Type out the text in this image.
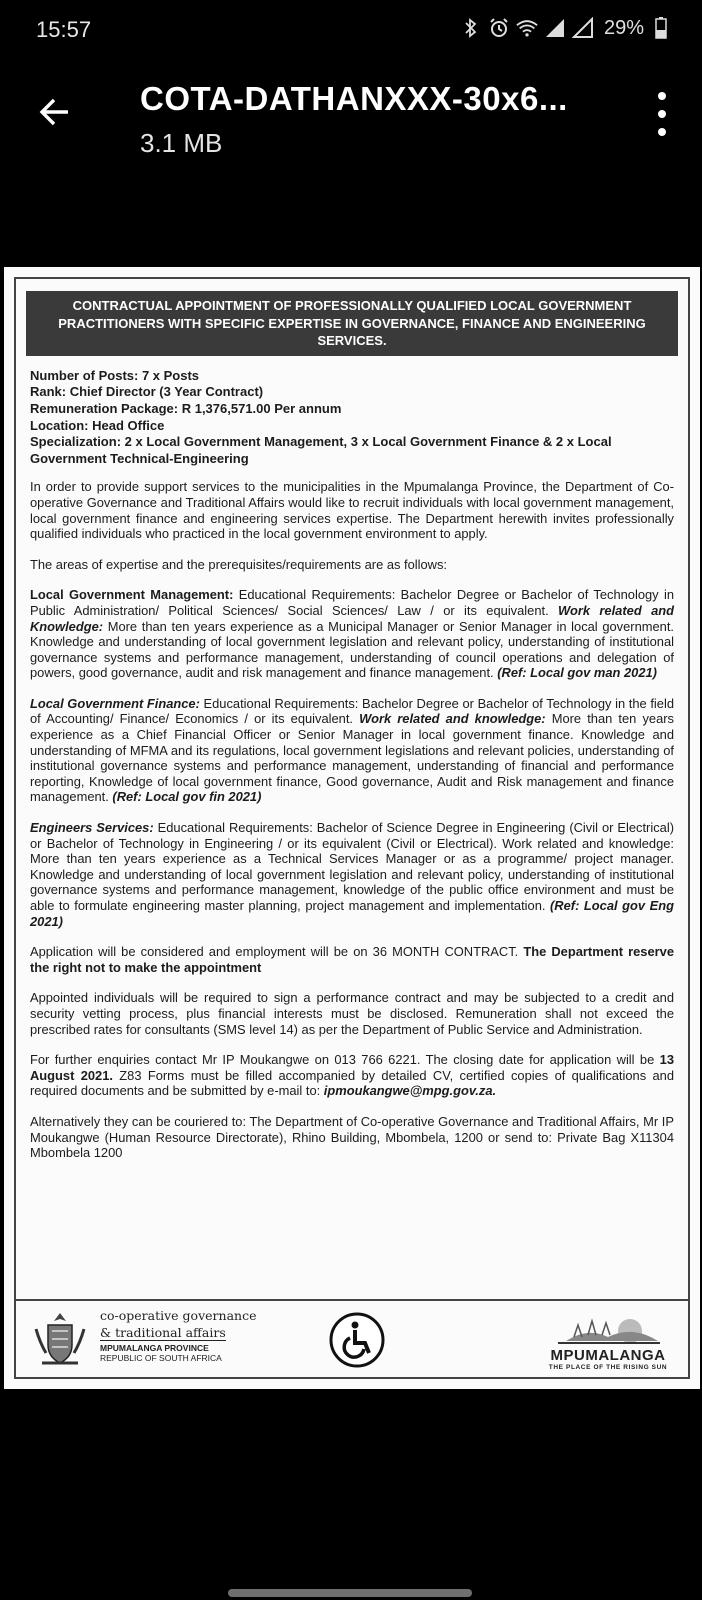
15:57	29%
COTA-DATHANXXX-30x6...
3.1 MB
CONTRACTUAL APPOINTMENT OF PROFESSIONALLY QUALIFIED LOCAL GOVERNMENT PRACTITIONERS WITH SPECIFIC EXPERTISE IN GOVERNANCE, FINANCE AND ENGINEERING SERVICES.
Number of Posts: 7 x Posts
Rank: Chief Director (3 Year Contract)
Remuneration Package: R 1,376,571.00 Per annum
Location: Head Office
Specialization: 2 x Local Government Management, 3 x Local Government Finance & 2 x Local Government Technical-Engineering

In order to provide support services to the municipalities in the Mpumalanga Province, the Department of Co-operative Governance and Traditional Affairs would like to recruit individuals with local government management, local government finance and engineering services expertise. The Department herewith invites professionally qualified individuals who practiced in the local government environment to apply.

The areas of expertise and the prerequisites/requirements are as follows:

Local Government Management: Educational Requirements: Bachelor Degree or Bachelor of Technology in Public Administration/ Political Sciences/ Social Sciences/ Law / or its equivalent. Work related and Knowledge: More than ten years experience as a Municipal Manager or Senior Manager in local government. Knowledge and understanding of local government legislation and relevant policy, understanding of institutional governance systems and performance management, understanding of council operations and delegation of powers, good governance, audit and risk management and finance management. (Ref: Local gov man 2021)

Local Government Finance: Educational Requirements: Bachelor Degree or Bachelor of Technology in the field of Accounting/ Finance/ Economics / or its equivalent. Work related and knowledge: More than ten years experience as a Chief Financial Officer or Senior Manager in local government finance. Knowledge and understanding of MFMA and its regulations, local government legislations and relevant policies, understanding of institutional governance systems and performance management, understanding of financial and performance reporting, Knowledge of local government finance, Good governance, Audit and Risk management and finance management. (Ref: Local gov fin 2021)

Engineers Services: Educational Requirements: Bachelor of Science Degree in Engineering (Civil or Electrical) or Bachelor of Technology in Engineering / or its equivalent (Civil or Electrical). Work related and knowledge: More than ten years experience as a Technical Services Manager or as a programme/ project manager. Knowledge and understanding of local government legislation and relevant policy, understanding of institutional governance systems and performance management, knowledge of the public office environment and must be able to formulate engineering master planning, project management and implementation. (Ref: Local gov Eng 2021)

Application will be considered and employment will be on 36 MONTH CONTRACT. The Department reserve the right not to make the appointment

Appointed individuals will be required to sign a performance contract and may be subjected to a credit and security vetting process, plus financial interests must be disclosed. Remuneration shall not exceed the prescribed rates for consultants (SMS level 14) as per the Department of Public Service and Administration.

For further enquiries contact Mr IP Moukangwe on 013 766 6221. The closing date for application will be 13 August 2021. Z83 Forms must be filled accompanied by detailed CV, certified copies of qualifications and required documents and be submitted by e-mail to: ipmoukangwe@mpg.gov.za.

Alternatively they can be couriered to: The Department of Co-operative Governance and Traditional Affairs, Mr IP Moukangwe (Human Resource Directorate), Rhino Building, Mbombela, 1200 or send to: Private Bag X11304 Mbombela 1200

co-operative governance
& traditional affairs
MPUMALANGA PROVINCE
REPUBLIC OF SOUTH AFRICA	MPUMALANGA
THE PLACE OF THE RISING SUN
